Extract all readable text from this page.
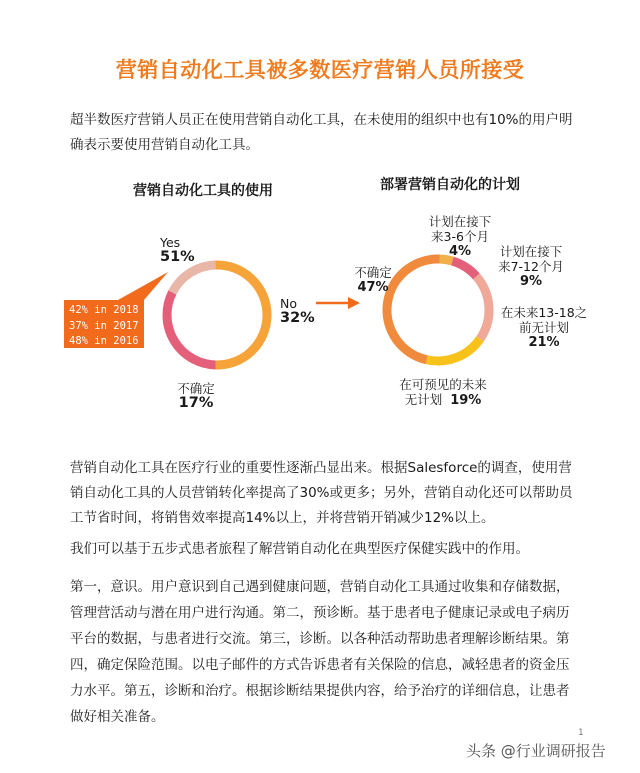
营销自动化工具被多数医疗营销人员所接受

超半数医疗营销人员正在使用营销自动化工具，在未使用的组织中也有10%的用户明确表示要使用营销自动化工具。

营销自动化工具的使用	部署营销自动化的计划
42% in 2018
37% in 2017
48% in 2016
Yes
51%
No
32%
不确定
17%
不确定
47%
计划在接下
来3-6个月
4%	计划在接下
来7-12个月
9%
在未来13-18之
前无计划
21%
在可预见的未来
无计划 19%

营销自动化工具在医疗行业的重要性逐渐凸显出来。根据Salesforce的调查，使用营销自动化工具的人员营销转化率提高了30%或更多；另外，营销自动化还可以帮助员工节省时间，将销售效率提高14%以上，并将营销开销减少12%以上。

我们可以基于五步式患者旅程了解营销自动化在典型医疗保健实践中的作用。

第一，意识。用户意识到自己遇到健康问题，营销自动化工具通过收集和存储数据，管理营活动与潜在用户进行沟通。第二，预诊断。基于患者电子健康记录或电子病历平台的数据，与患者进行交流。第三，诊断。以各种活动帮助患者理解诊断结果。第四，确定保险范围。以电子邮件的方式告诉患者有关保险的信息，减轻患者的资金压力水平。第五，诊断和治疗。根据诊断结果提供内容，给予治疗的详细信息，让患者做好相关准备。

1
头条 @行业调研报告
